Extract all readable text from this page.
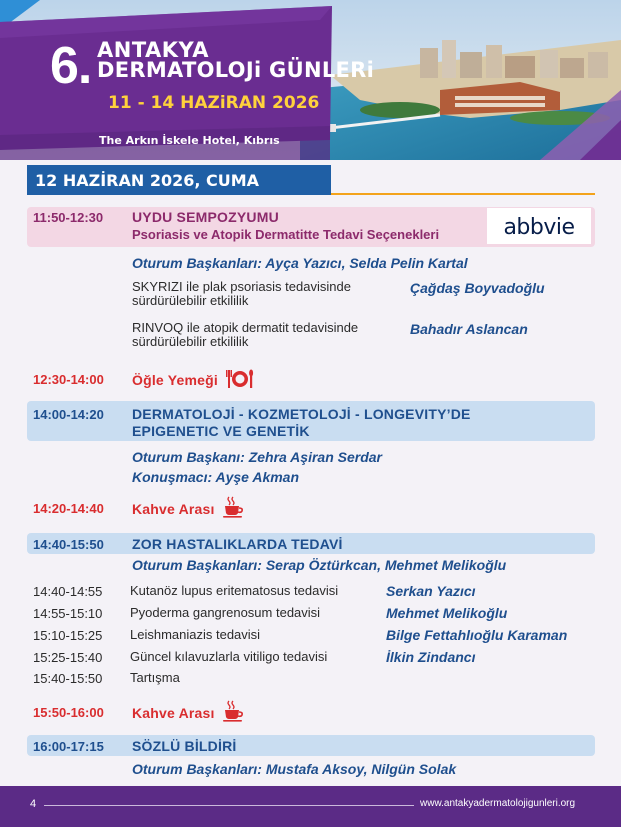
6. ANTAKYA
DERMATOLOJi GÜNLERi
11 - 14 HAZiRAN 2026
The Arkın İskele Hotel, Kıbrıs
12 HAZİRAN 2026, CUMA
11:50-12:30 UYDU SEMPOZYUMU
Psoriasis ve Atopik Dermatitte Tedavi Seçenekleri	abbvie
Oturum Başkanları: Ayça Yazıcı, Selda Pelin Kartal
SKYRIZI ile plak psoriasis tedavisinde
sürdürülebilir etkililik
Çağdaş Boyvadoğlu
RINVOQ ile atopik dermatit tedavisinde
sürdürülebilir etkililik
Bahadır Aslancan
12:30-14:00 Öğle Yemeği
14:00-14:20 DERMATOLOJİ - KOZMETOLOJİ - LONGEVITY’DE
EPIGENETIC VE GENETİK
Oturum Başkanı: Zehra Aşiran Serdar
Konuşmacı: Ayşe Akman
14:20-14:40 Kahve Arası
14:40-15:50 ZOR HASTALIKLARDA TEDAVİ
Oturum Başkanları: Serap Öztürkcan, Mehmet Melikoğlu
14:40-14:55 Kutanöz lupus eritematosus tedavisi	Serkan Yazıcı
14:55-15:10 Pyoderma gangrenosum tedavisi	Mehmet Melikoğlu
15:10-15:25 Leishmaniazis tedavisi	Bilge Fettahlıoğlu Karaman
15:25-15:40 Güncel kılavuzlarla vitiligo tedavisi	İlkin Zindancı
15:40-15:50 Tartışma
15:50-16:00 Kahve Arası
16:00-17:15 SÖZLÜ BİLDİRİ
Oturum Başkanları: Mustafa Aksoy, Nilgün Solak
4	www.antakyadermatolojigunleri.org
